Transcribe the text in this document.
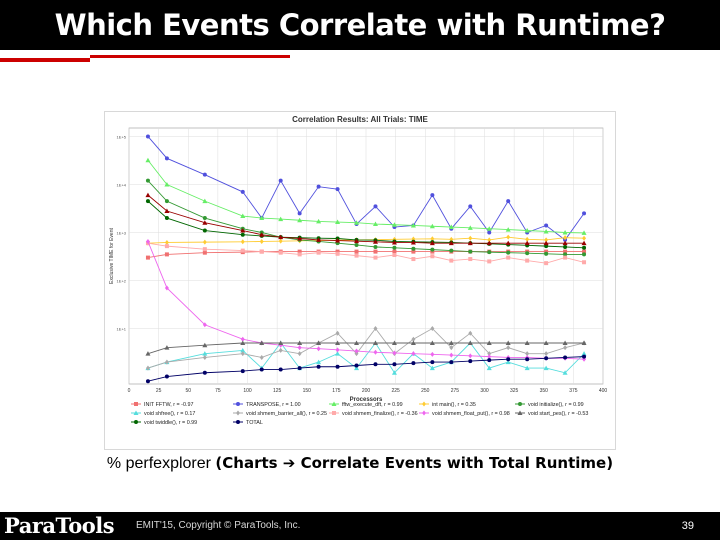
Which Events Correlate with Runtime?
Correlation Results: All Trials: TIME
0	25	50	75	100	125	150	175	200	225	250	275	300	325	350	375	400
1E+5
1E+4
1E+3
1E+2
1E+1
Processors
Exclusive TIME for Event
INIT FFTW, r = -0.97	TRANSPOSE, r = 1.00	fftw_execute_dft, r = 0.99	int main(), r = 0.35	void initialize(), r = 0.99
void shfree(), r = 0.17	void shmem_barrier_all(), r = 0.25	void shmem_finalize(), r = -0.36	void shmem_float_put(), r = 0.98	void start_pes(), r = -0.53
void twiddle(), r = 0.99	TOTAL
% perfexplorer (Charts ➔ Correlate Events with Total Runtime)
ParaTools EMIT'15, Copyright © ParaTools, Inc.	39
